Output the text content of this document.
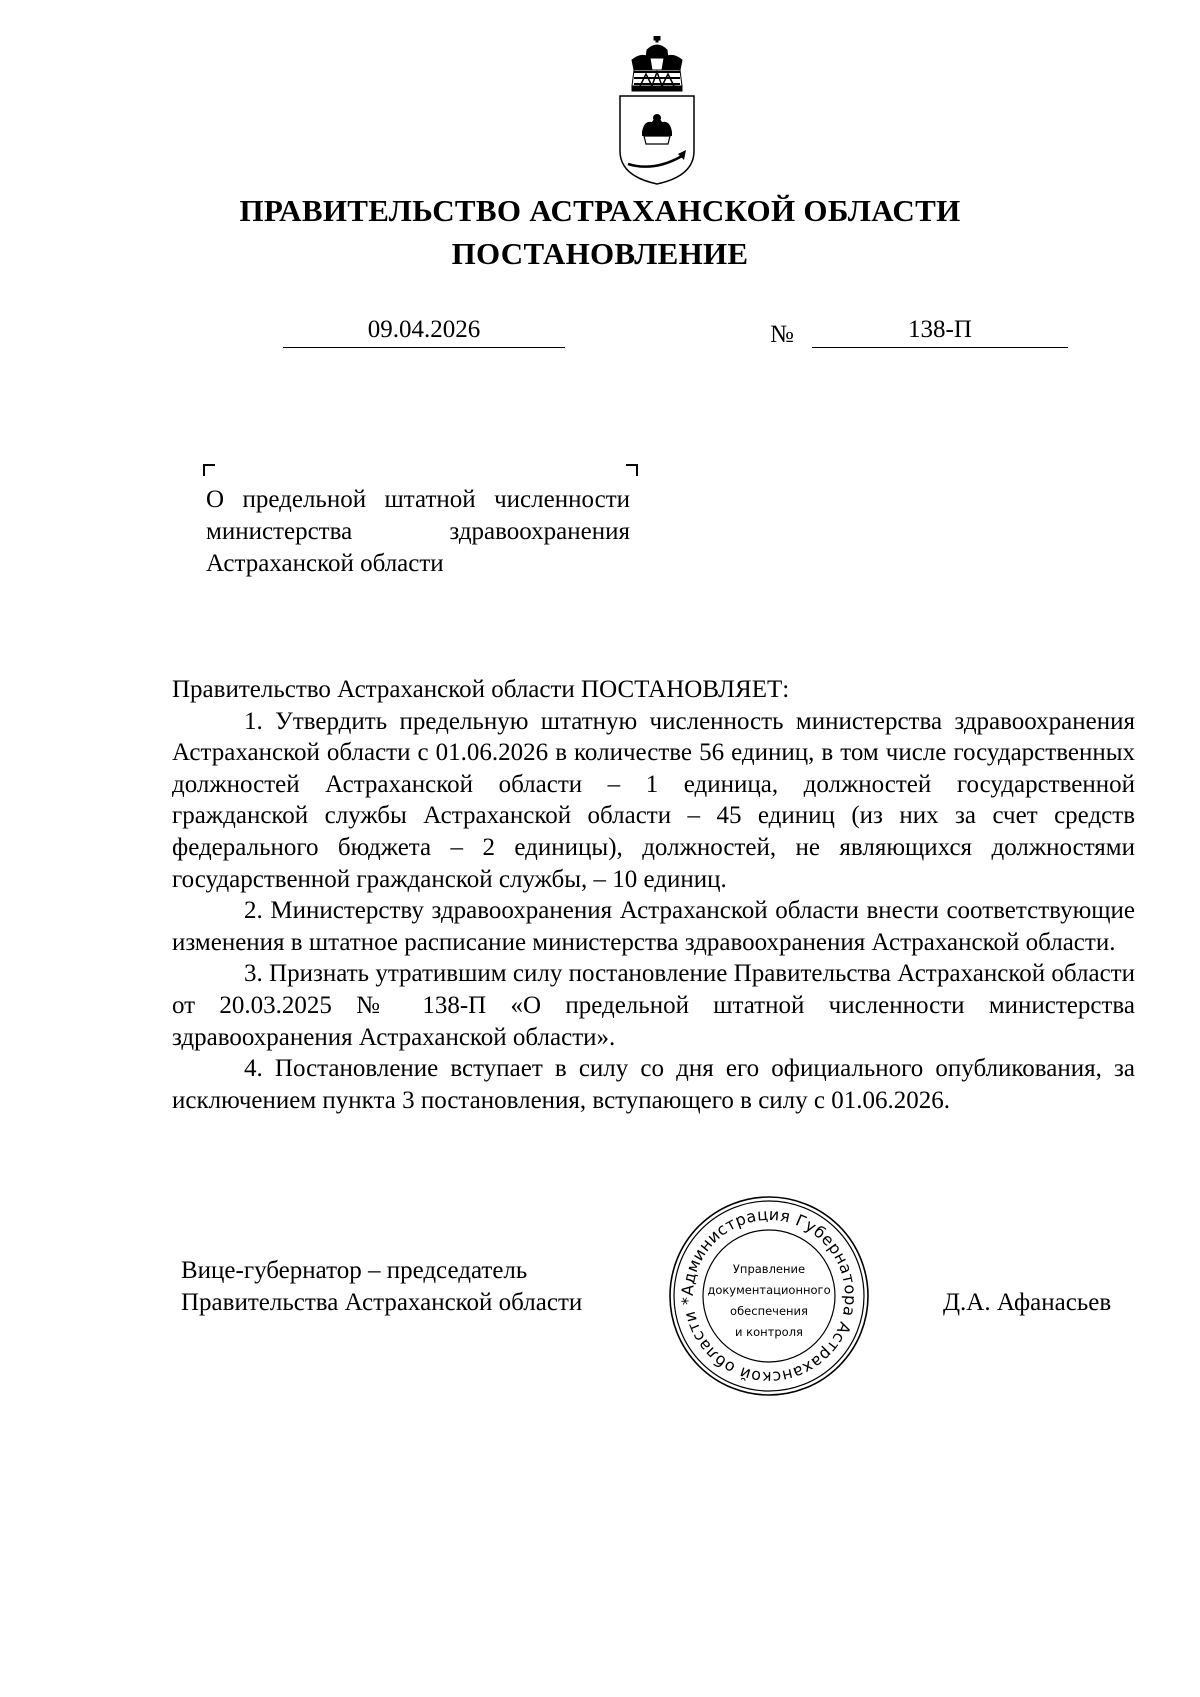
ПРАВИТЕЛЬСТВО АСТРАХАНСКОЙ ОБЛАСТИ
ПОСТАНОВЛЕНИЕ
09.04.2026	№	138-П
О предельной штатной численности министерства здравоохранения Астраханской области

Правительство Астраханской области ПОСТАНОВЛЯЕТ:

1. Утвердить предельную штатную численность министерства здравоохранения Астраханской области с 01.06.2026 в количестве 56 единиц, в том числе государственных должностей Астраханской области – 1 единица, должностей государственной гражданской службы Астраханской области – 45 единиц (из них за счет средств федерального бюджета – 2 единицы), должностей, не являющихся должностями государственной гражданской службы, – 10 единиц.

2. Министерству здравоохранения Астраханской области внести соответствующие изменения в штатное расписание министерства здравоохранения Астраханской области.

3. Признать утратившим силу постановление Правительства Астраханской области от 20.03.2025 № 138-П «О предельной штатной численности министерства здравоохранения Астраханской области».

4. Постановление вступает в силу со дня его официального опубликования, за исключением пункта 3 постановления, вступающего в силу с 01.06.2026.

Вице-губернатор – председатель
Правительства Астраханской области	Администрация Губернатора Астраханской области *
Управление
документационного
обеспечения
и контроля
Д.А. Афанасьев
